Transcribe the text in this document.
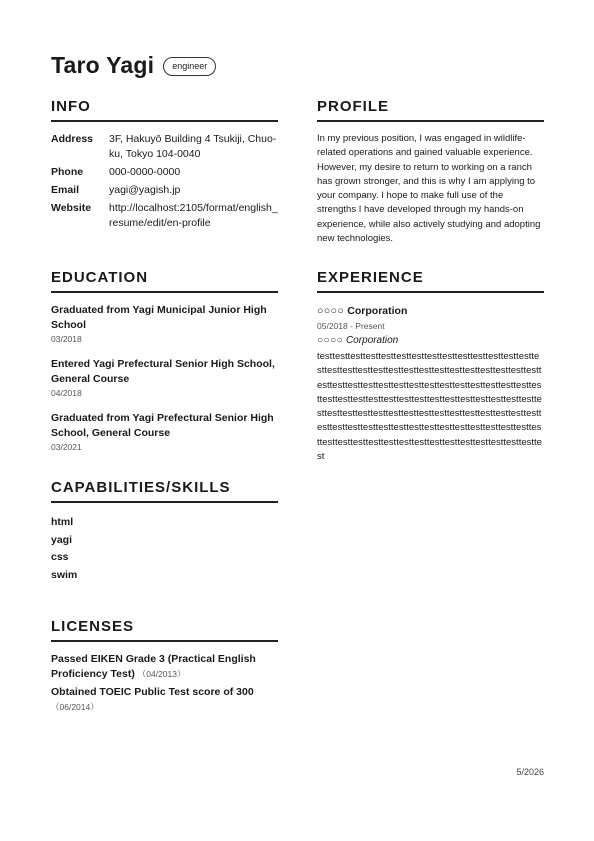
Taro Yagi	engineer
INFO
Address	3F, Hakuyō Building 4 Tsukiji, Chuo-ku, Tokyo 104-0040
Phone	000-0000-0000
Email	yagi@yagish.jp
Website	http://localhost:2105/format/english_resume/edit/en-profile
EDUCATION
Graduated from Yagi Municipal Junior High School
03/2018
Entered Yagi Prefectural Senior High School, General Course
04/2018
Graduated from Yagi Prefectural Senior High School, General Course
03/2021
CAPABILITIES/SKILLS
html
yagi
css
swim
LICENSES
Passed EIKEN Grade 3 (Practical English Proficiency Test) （04/2013）
Obtained TOEIC Public Test score of 300 （06/2014）
PROFILE
In my previous position, I was engaged in wildlife-related operations and gained valuable experience. However, my desire to return to working on a ranch has grown stronger, and this is why I am applying to your company. I hope to make full use of the strengths I have developed through my hands-on experience, while also actively studying and adopting new technologies.
EXPERIENCE
○○○○ Corporation
05/2018 - Present
○○○○ Corporation
testtesttesttesttesttesttesttesttesttesttesttesttesttesttesttesttesttesttesttesttesttesttesttesttesttesttesttesttesttesttesttesttesttesttesttesttesttesttesttesttesttesttesttesttesttesttesttesttesttesttesttesttesttesttesttesttesttesttesttesttesttesttesttesttesttesttesttesttesttesttesttesttesttesttesttesttesttesttesttesttesttesttesttesttesttesttesttesttesttesttesttesttesttesttesttesttesttesttesttesttesttesttest
5/2026
